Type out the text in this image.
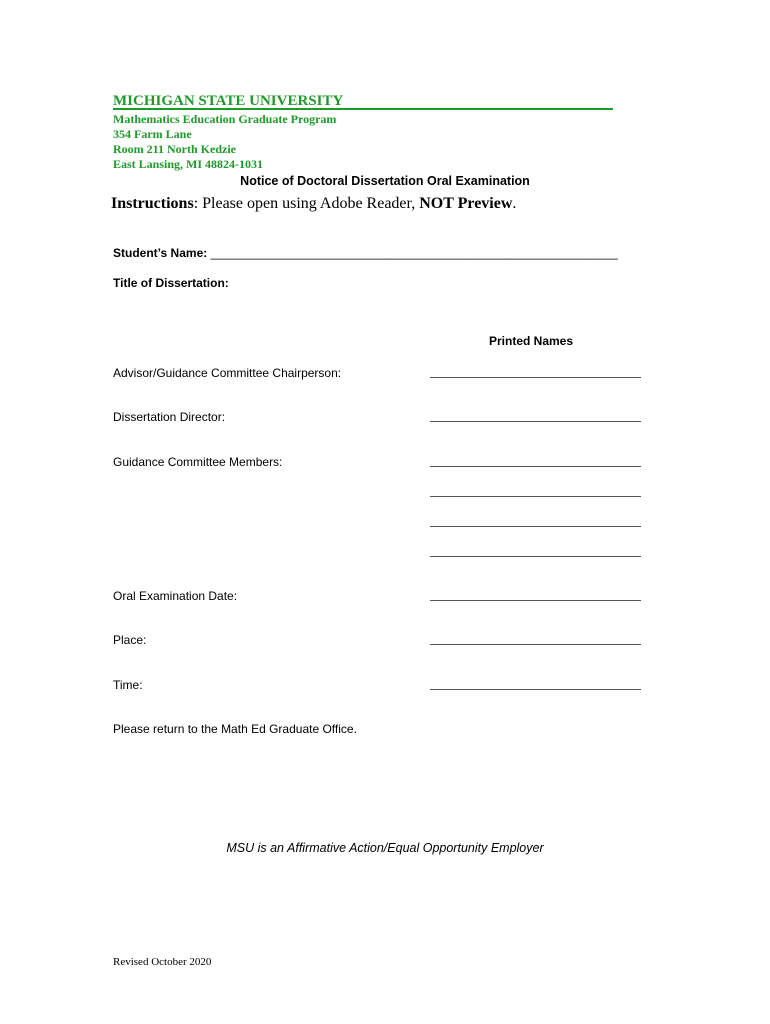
MICHIGAN STATE UNIVERSITY
Mathematics Education Graduate Program
354 Farm Lane
Room 211 North Kedzie
East Lansing, MI 48824-1031
Notice of Doctoral Dissertation Oral Examination
Instructions: Please open using Adobe Reader, NOT Preview.
Student’s Name: _____________________________________________________________
Title of Dissertation:
Printed Names
Advisor/Guidance Committee Chairperson:
Dissertation Director:
Guidance Committee Members:
Oral Examination Date:
Place:
Time:
Please return to the Math Ed Graduate Office.
MSU is an Affirmative Action/Equal Opportunity Employer
Revised October 2020
